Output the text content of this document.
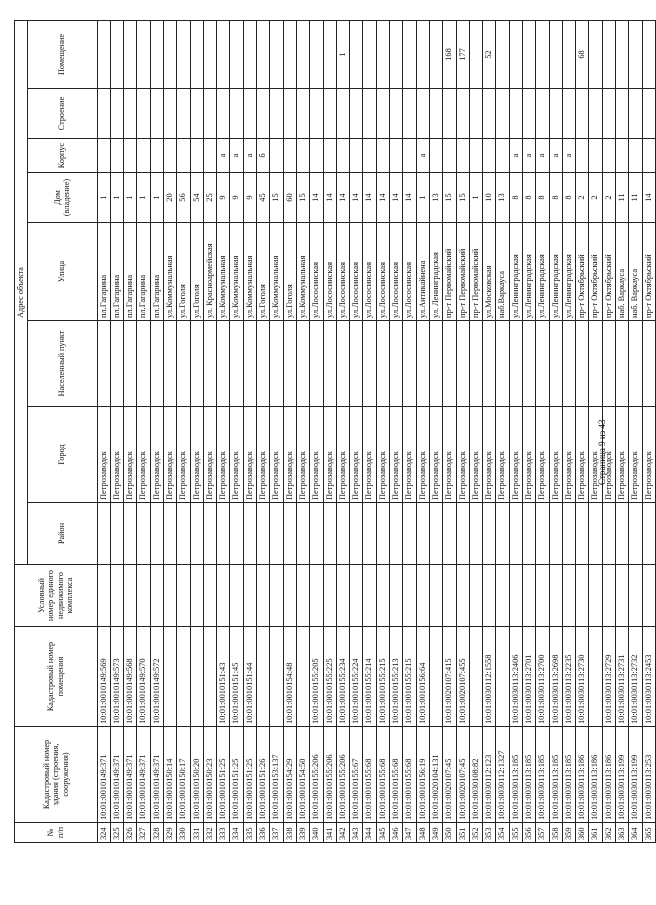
№ п/п	Кадастровый номер здания (строения, сооружения)	Кадастровый номер помещения	Условный номер единого недвижимого комплекса	Адрес объекта							
				Район	Город	Населенный пункт	Улица	Дом (владение)	Корпус	Строение	Помещение
324	10:01:0010149:371	10:01:0010149:569			Петрозаводск		пл.Гагарина	1			
325	10:01:0010149:371	10:01:0010149:573			Петрозаводск		пл.Гагарина	1			
326	10:01:0010149:371	10:01:0010149:568			Петрозаводск		пл.Гагарина	1			
327	10:01:0010149:371	10:01:0010149:570			Петрозаводск		пл.Гагарина	1			
328	10:01:0010149:371	10:01:0010149:572			Петрозаводск		пл.Гагарина	1			
329	10:01:0010150:14				Петрозаводск		ул.Коммунальная	20			
330	10:01:0010150:17				Петрозаводск		ул.Гоголя	56			
331	10:01:0010150:20				Петрозаводск		ул.Гоголя	54			
332	10:01:0010150:23				Петрозаводск		ул. Красноармейская	25			
333	10:01:0010151:25	10:01:0010151:43			Петрозаводск		ул.Коммунальная	9	а		
334	10:01:0010151:25	10:01:0010151:45			Петрозаводск		ул.Коммунальная	9	а		
335	10:01:0010151:25	10:01:0010151:44			Петрозаводск		ул.Коммунальная	9	а		
336	10:01:0010151:26				Петрозаводск		ул.Гоголя	45	б		
337	10:01:0010153:137				Петрозаводск		ул.Коммунальная	15			
338	10:01:0010154:29	10:01:0010154:48			Петрозаводск		ул.Гоголя	60			
339	10:01:0010154:50				Петрозаводск		ул.Коммунальная	15			
340	10:01:0010155:206	10:01:0010155:205			Петрозаводск		ул.Лососинская	14			
341	10:01:0010155:206	10:01:0010155:225			Петрозаводск		ул.Лососинская	14			
342	10:01:0010155:206	10:01:0010155:234			Петрозаводск		ул.Лососинская	14			1
343	10:01:0010155:67	10:01:0010155:224			Петрозаводск		ул.Лососинская	14			
344	10:01:0010155:68	10:01:0010155:214			Петрозаводск		ул.Лососинская	14			
345	10:01:0010155:68	10:01:0010155:215			Петрозаводск		ул.Лососинская	14			
346	10:01:0010155:68	10:01:0010155:213			Петрозаводск		ул.Лососинская	14			
347	10:01:0010155:68	10:01:0010155:215			Петрозаводск		ул.Лососинская	14			
348	10:01:0010156:19	10:01:0010156:64			Петрозаводск		ул.Антикайнена	1	а		
349	10:01:0020104:131				Петрозаводск		ул. Ленинградская	13			
350	10:01:0020107:45	10:01:0020107:415			Петрозаводск		пр-т Первомайский	15			168
351	10:01:0020107:45	10:01:0020107:455			Петрозаводск		пр-т Первомайский	15			177
352	10:01:0030108:82				Петрозаводск		пр-т Первомайский	1			
353	10:01:0030112:123	10:01:0030112:1558			Петрозаводск		ул.Московская	10			52
354	10:01:0030112:1327				Петрозаводск		наб.Варкауса	13			
355	10:01:0030113:185	10:01:0030113:2406			Петрозаводск		ул.Ленинградская	8	а		
356	10:01:0030113:185	10:01:0030113:2701			Петрозаводск		ул.Ленинградская	8	а		
357	10:01:0030113:185	10:01:0030113:2700			Петрозаводск		ул.Ленинградская	8	а		
358	10:01:0030113:185	10:01:0030113:2698			Петрозаводск		ул.Ленинградская	8	а		
359	10:01:0030113:185	10:01:0030113:2235			Петрозаводск		ул.Ленинградская	8	а		
360	10:01:0030113:186	10:01:0030113:2730			Петрозаводск		пр-т Октябрьский	2			68
361	10:01:0030113:186				Петрозаводск		пр-т Октябрьский	2			
362	10:01:0030113:186	10:01:0030113:2729			Петрозаводск		пр-т Октябрьский	2			
363	10:01:0030113:199	10:01:0030113:2731			Петрозаводск		наб. Варкауса	11			
364	10:01:0030113:199	10:01:0030113:2732			Петрозаводск		наб. Варкауса	11			
365	10:01:0030113:253	10:01:0030113:2453			Петрозаводск		пр-т Октябрьский	14			
Страница 9 из 43
